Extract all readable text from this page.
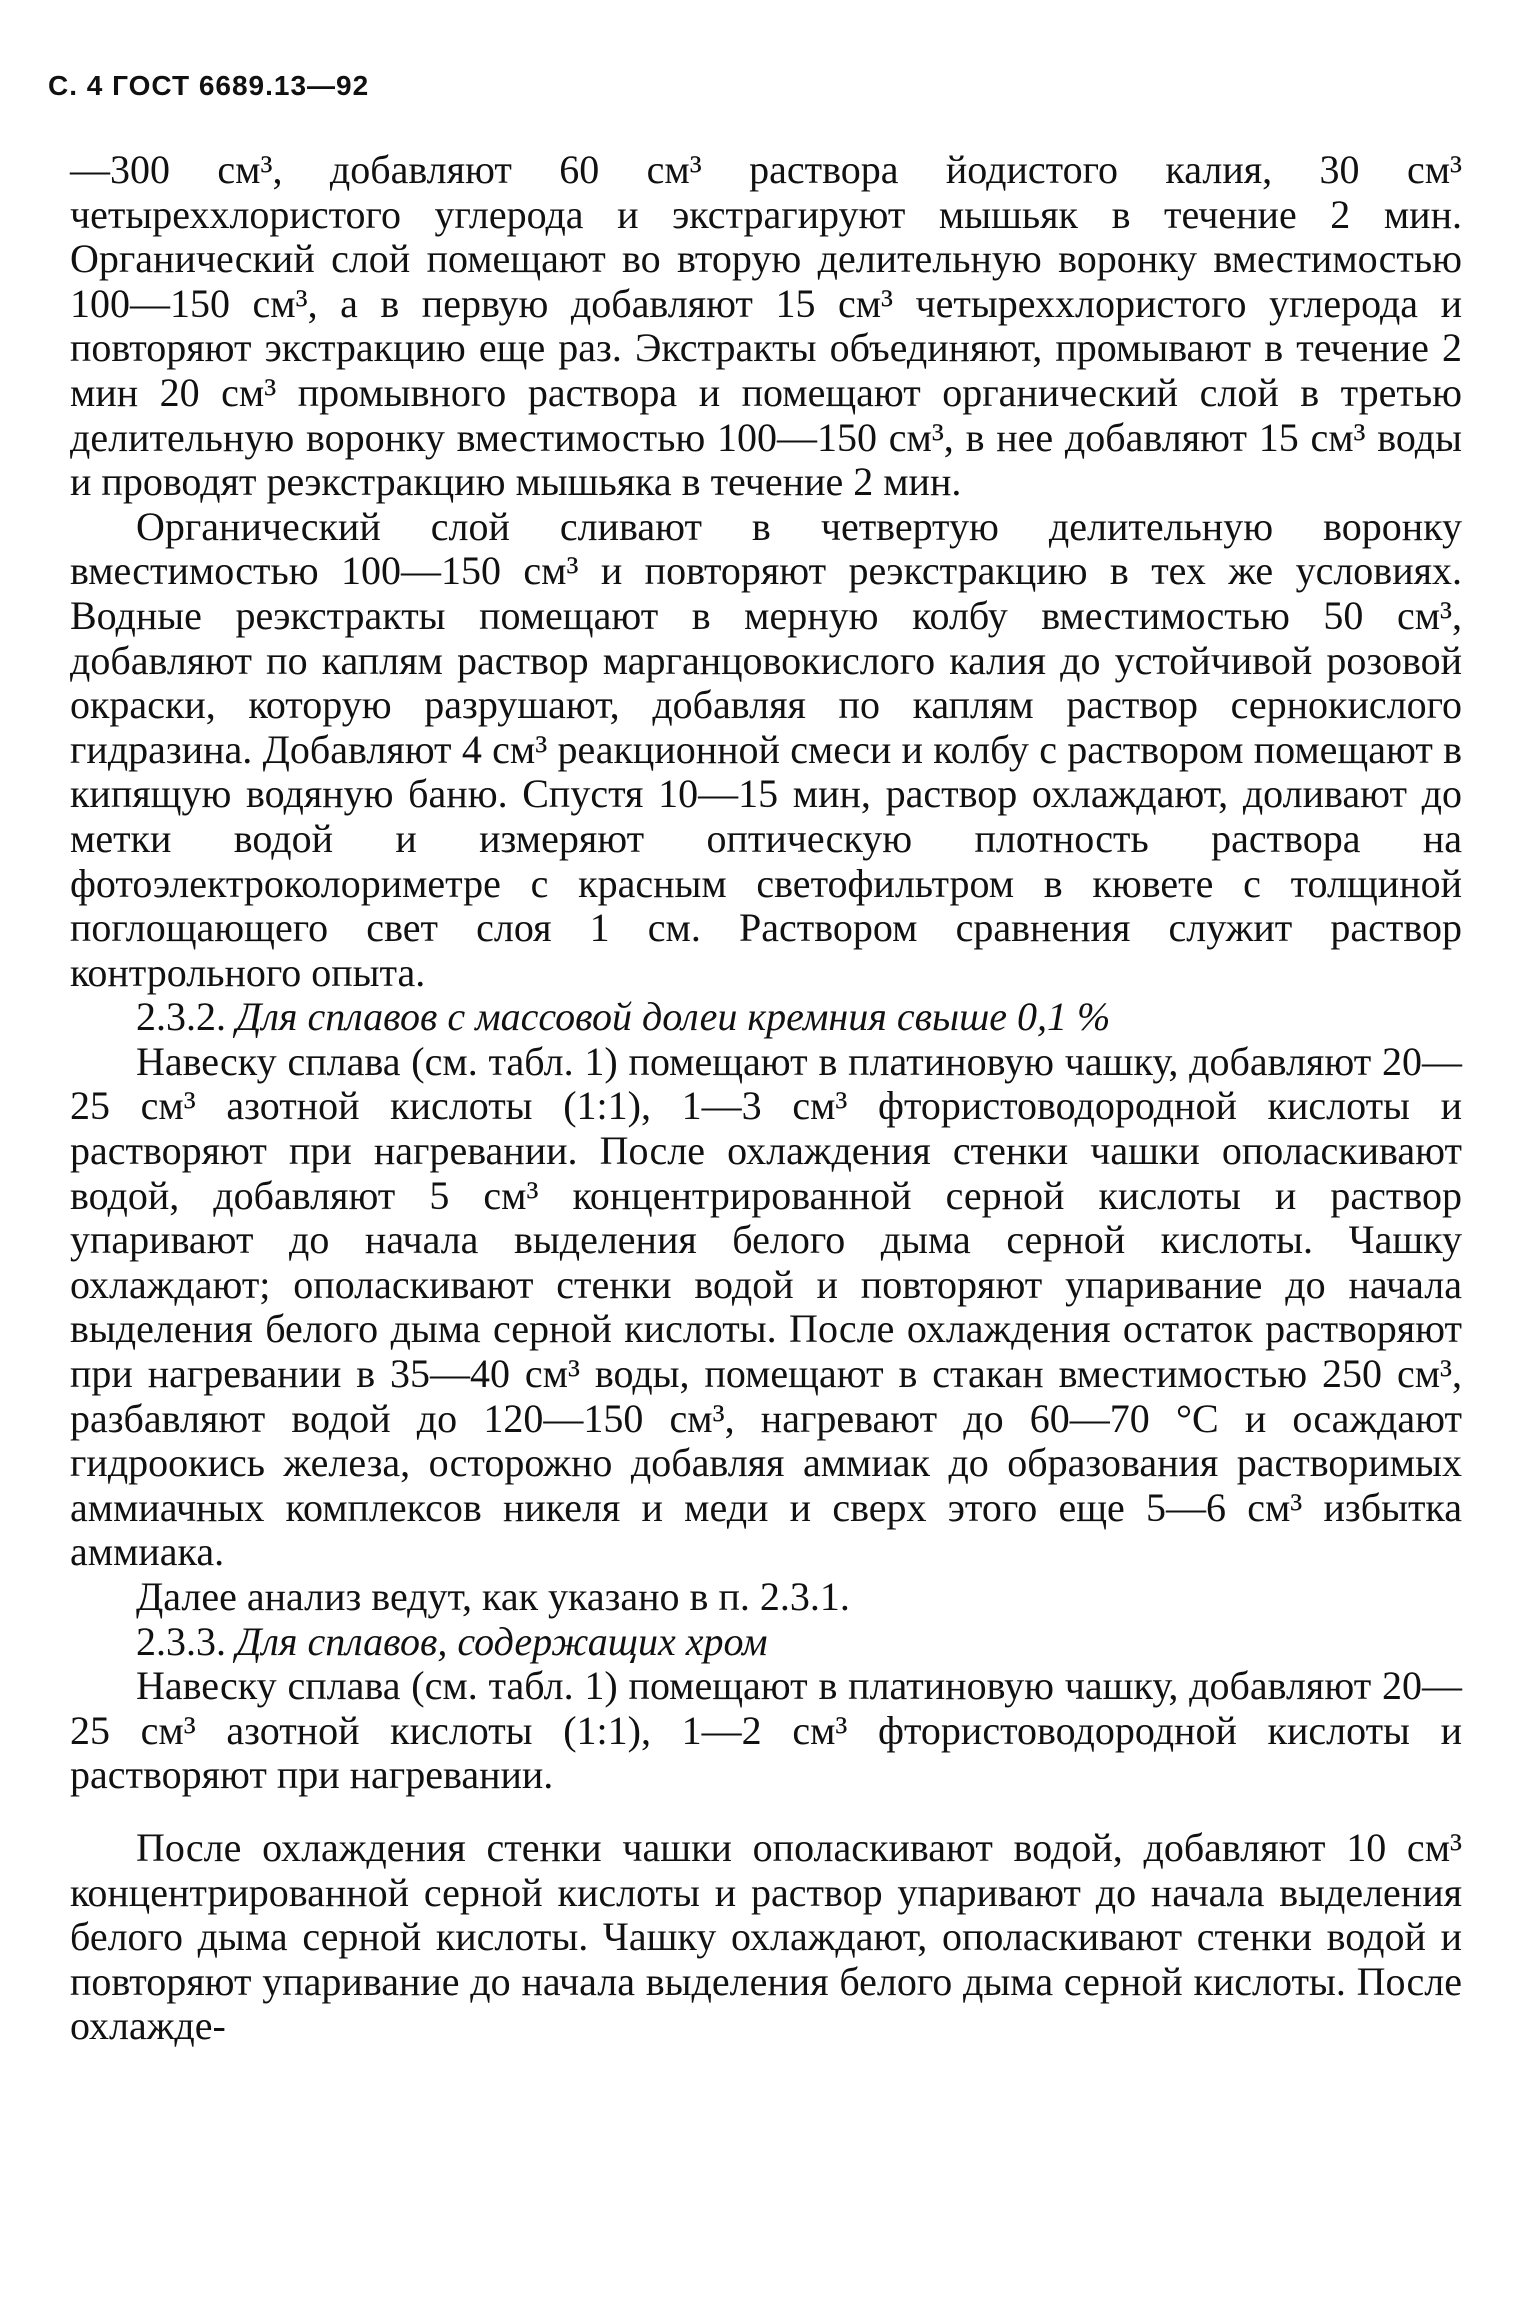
С. 4 ГОСТ 6689.13—92

—300 см³, добавляют 60 см³ раствора йодистого калия, 30 см³ четыреххлористого углерода и экстрагируют мышьяк в течение 2 мин. Органический слой помещают во вторую делительную воронку вместимостью 100—150 см³, а в первую добавляют 15 см³ четыреххлористого углерода и повторяют экстракцию еще раз. Экстракты объединяют, промывают в течение 2 мин 20 см³ промывного раствора и помещают органический слой в третью делительную воронку вместимостью 100—150 см³, в нее добавляют 15 см³ воды и проводят реэкстракцию мышьяка в течение 2 мин.

Органический слой сливают в четвертую делительную воронку вместимостью 100—150 см³ и повторяют реэкстракцию в тех же условиях. Водные реэкстракты помещают в мерную колбу вместимостью 50 см³, добавляют по каплям раствор марганцовокислого калия до устойчивой розовой окраски, которую разрушают, добавляя по каплям раствор сернокислого гидразина. Добавляют 4 см³ реакционной смеси и колбу с раствором помещают в кипящую водяную баню. Спустя 10—15 мин, раствор охлаждают, доливают до метки водой и измеряют оптическую плотность раствора на фотоэлектроколориметре с красным светофильтром в кювете с толщиной поглощающего свет слоя 1 см. Раствором сравнения служит раствор контрольного опыта.

2.3.2. Для сплавов с массовой долеи кремния свыше 0,1 %

Навеску сплава (см. табл. 1) помещают в платиновую чашку, добавляют 20—25 см³ азотной кислоты (1:1), 1—3 см³ фтористоводородной кислоты и растворяют при нагревании. После охлаждения стенки чашки ополаскивают водой, добавляют 5 см³ концентрированной серной кислоты и раствор упаривают до начала выделения белого дыма серной кислоты. Чашку охлаждают; ополаскивают стенки водой и повторяют упаривание до начала выделения белого дыма серной кислоты. После охлаждения остаток растворяют при нагревании в 35—40 см³ воды, помещают в стакан вместимостью 250 см³, разбавляют водой до 120—150 см³, нагревают до 60—70 °С и осаждают гидроокись железа, осторожно добавляя аммиак до образования растворимых аммиачных комплексов никеля и меди и сверх этого еще 5—6 см³ избытка аммиака.

Далее анализ ведут, как указано в п. 2.3.1.

2.3.3. Для сплавов, содержащих хром

Навеску сплава (см. табл. 1) помещают в платиновую чашку, добавляют 20—25 см³ азотной кислоты (1:1), 1—2 см³ фтористоводородной кислоты и растворяют при нагревании.

После охлаждения стенки чашки ополаскивают водой, добавляют 10 см³ концентрированной серной кислоты и раствор упаривают до начала выделения белого дыма серной кислоты. Чашку охлаждают, ополаскивают стенки водой и повторяют упаривание до начала выделения белого дыма серной кислоты. После охлажде-
